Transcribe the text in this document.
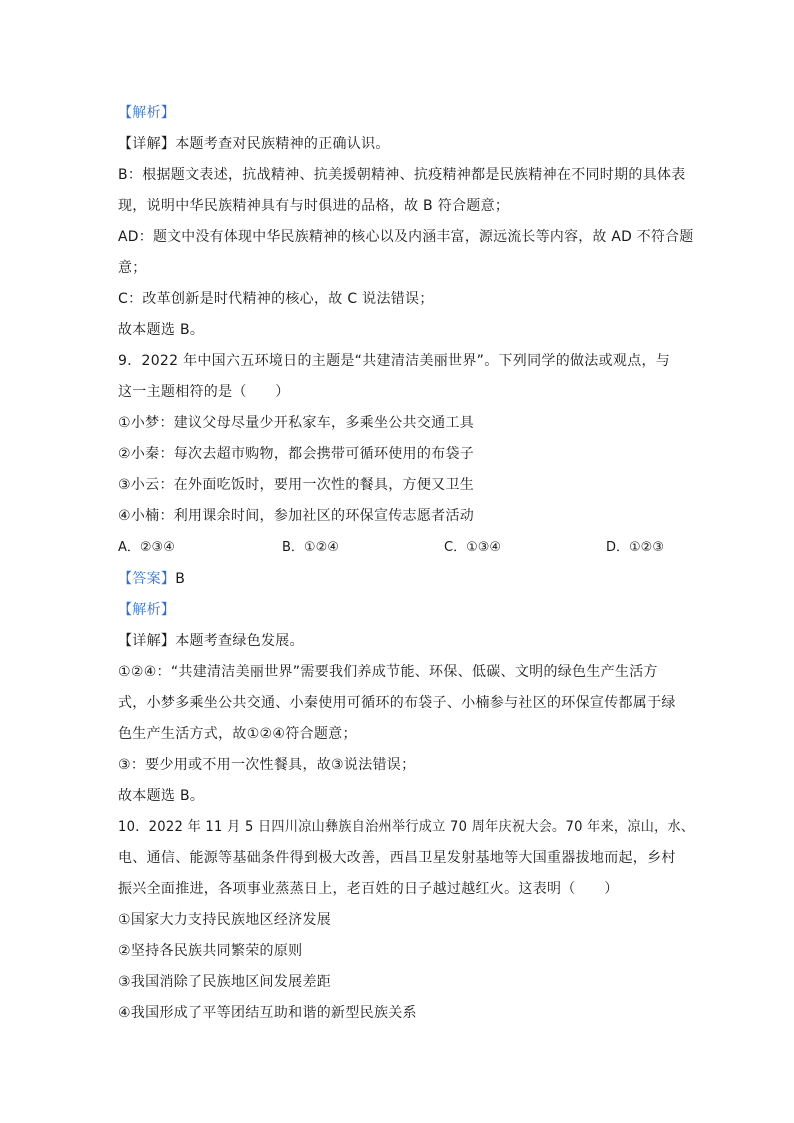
【解析】
【详解】本题考查对民族精神的正确认识。
B：根据题文表述，抗战精神、抗美援朝精神、抗疫精神都是民族精神在不同时期的具体表
现，说明中华民族精神具有与时俱进的品格，故 B 符合题意；
AD：题文中没有体现中华民族精神的核心以及内涵丰富，源远流长等内容，故 AD 不符合题
意；
C：改革创新是时代精神的核心，故 C 说法错误；
故本题选 B。
9．2022 年中国六五环境日的主题是“共建清洁美丽世界”。下列同学的做法或观点，与
这一主题相符的是（　　）
①小梦：建议父母尽量少开私家车，多乘坐公共交通工具
②小秦：每次去超市购物，都会携带可循环使用的布袋子
③小云：在外面吃饭时，要用一次性的餐具，方便又卫生
④小楠：利用课余时间，参加社区的环保宣传志愿者活动
A．②③④	B．①②④	C．①③④	D．①②③
【答案】B
【解析】
【详解】本题考查绿色发展。
①②④：“共建清洁美丽世界”需要我们养成节能、环保、低碳、文明的绿色生产生活方
式，小梦多乘坐公共交通、小秦使用可循环的布袋子、小楠参与社区的环保宣传都属于绿
色生产生活方式，故①②④符合题意；
③：要少用或不用一次性餐具，故③说法错误；
故本题选 B。
10．2022 年 11 月 5 日四川凉山彝族自治州举行成立 70 周年庆祝大会。70 年来，凉山，水、
电、通信、能源等基础条件得到极大改善，西昌卫星发射基地等大国重器拔地而起，乡村
振兴全面推进，各项事业蒸蒸日上，老百姓的日子越过越红火。这表明（　　）
①国家大力支持民族地区经济发展
②坚持各民族共同繁荣的原则
③我国消除了民族地区间发展差距
④我国形成了平等团结互助和谐的新型民族关系
